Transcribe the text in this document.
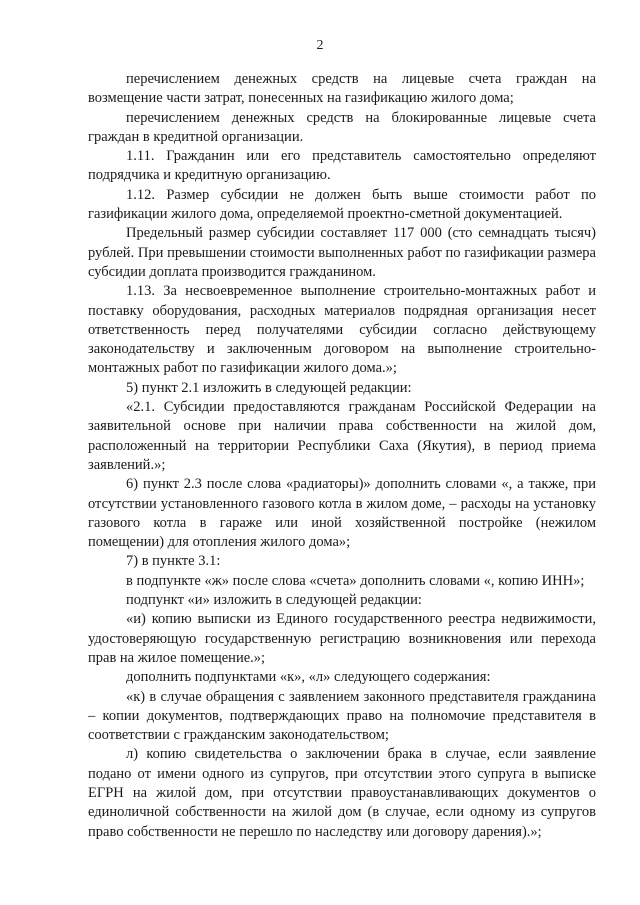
2

перечислением денежных средств на лицевые счета граждан на возмещение части затрат, понесенных на газификацию жилого дома;

перечислением денежных средств на блокированные лицевые счета граждан в кредитной организации.

1.11. Гражданин или его представитель самостоятельно определяют подрядчика и кредитную организацию.

1.12. Размер субсидии не должен быть выше стоимости работ по газификации жилого дома, определяемой проектно-сметной документацией.

Предельный размер субсидии составляет 117 000 (сто семнадцать тысяч) рублей. При превышении стоимости выполненных работ по газификации размера субсидии доплата производится гражданином.

1.13. За несвоевременное выполнение строительно-монтажных работ и поставку оборудования, расходных материалов подрядная организация несет ответственность перед получателями субсидии согласно действующему законодательству и заключенным договором на выполнение строительно-монтажных работ по газификации жилого дома.»;

5) пункт 2.1 изложить в следующей редакции:

«2.1. Субсидии предоставляются гражданам Российской Федерации на заявительной основе при наличии права собственности на жилой дом, расположенный на территории Республики Саха (Якутия), в период приема заявлений.»;

6) пункт 2.3 после слова «радиаторы)» дополнить словами «, а также, при отсутствии установленного газового котла в жилом доме, – расходы на установку газового котла в гараже или иной хозяйственной постройке (нежилом помещении) для отопления жилого дома»;

7) в пункте 3.1:

в подпункте «ж» после слова «счета» дополнить словами «, копию ИНН»;

подпункт «и» изложить в следующей редакции:

«и) копию выписки из Единого государственного реестра недвижимости, удостоверяющую государственную регистрацию возникновения или перехода прав на жилое помещение.»;

дополнить подпунктами «к», «л» следующего содержания:

«к) в случае обращения с заявлением законного представителя гражданина – копии документов, подтверждающих право на полномочие представителя в соответствии с гражданским законодательством;

л) копию свидетельства о заключении брака в случае, если заявление подано от имени одного из супругов, при отсутствии этого супруга в выписке ЕГРН на жилой дом, при отсутствии правоустанавливающих документов о единоличной собственности на жилой дом (в случае, если одному из супругов право собственности не перешло по наследству или договору дарения).»;
